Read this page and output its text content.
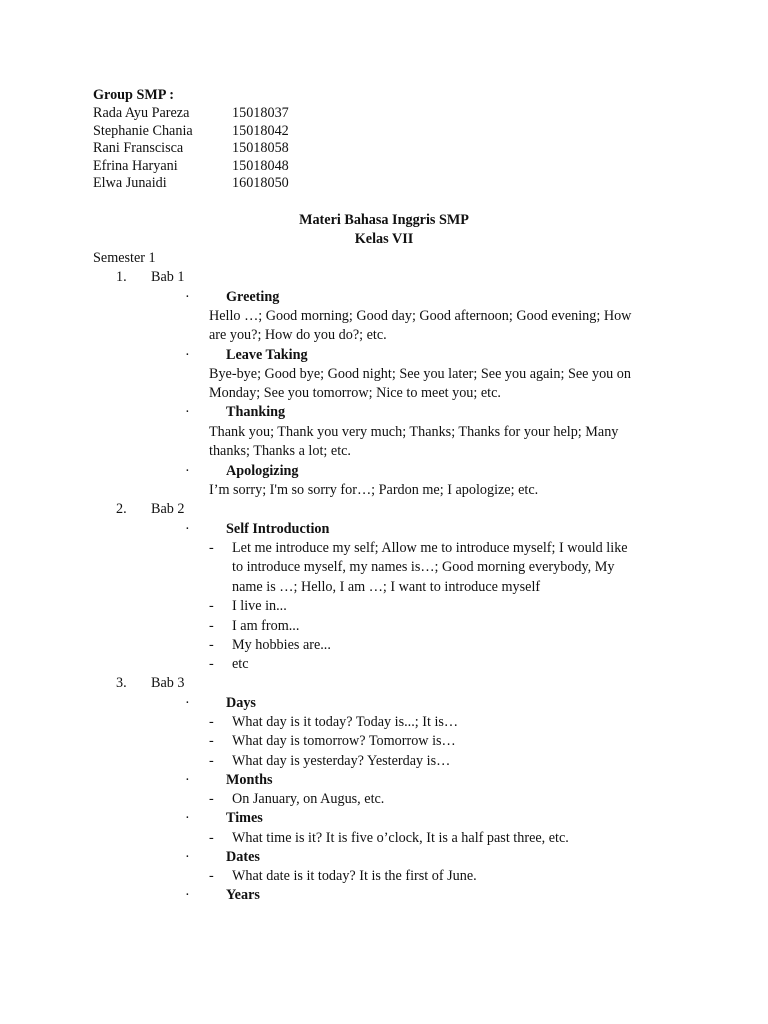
Group SMP :
Rada Ayu Pareza	15018037
Stephanie Chania	15018042
Rani Franscisca	15018058
Efrina Haryani	15018048
Elwa Junaidi	16018050
Materi Bahasa Inggris SMP
Kelas VII
Semester 1
1. Bab 1
·	Greeting
Hello …; Good morning; Good day; Good afternoon; Good evening; How
are you?; How do you do?; etc.
·	Leave Taking
Bye-bye; Good bye; Good night; See you later; See you again; See you on
Monday; See you tomorrow; Nice to meet you; etc.
·	Thanking
Thank you; Thank you very much; Thanks; Thanks for your help; Many
thanks; Thanks a lot; etc.
·	Apologizing
I’m sorry; I'm so sorry for…; Pardon me; I apologize; etc.
2. Bab 2
·	Self Introduction
- Let me introduce my self; Allow me to introduce myself; I would like
to introduce myself, my names is…; Good morning everybody, My
name is …; Hello, I am …; I want to introduce myself
- I live in...
- I am from...
- My hobbies are...
- etc
3. Bab 3
·	Days
- What day is it today? Today is...; It is…
- What day is tomorrow? Tomorrow is…
- What day is yesterday? Yesterday is…
·	Months
- On January, on Augus, etc.
·	Times
- What time is it? It is five o’clock, It is a half past three, etc.
·	Dates
- What date is it today? It is the first of June.
·	Years
